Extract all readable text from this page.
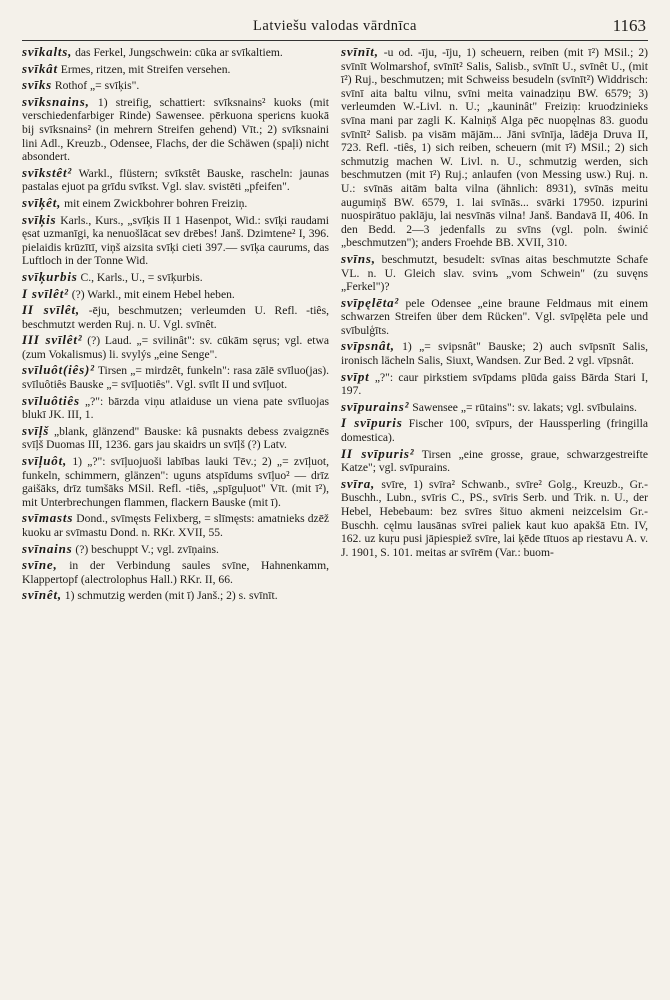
Latviešu valodas vārdnīca	1163
svīkalts, das Ferkel, Jungschwein: cūka ar svīkaltiem.
svīkât Ermes, ritzen, mit Streifen versehen.
svīks Rothof „= svīķis".
svīksnains, 1) streifig, schattiert: svīksnains² kuoks (mit verschiedenfarbiger Rinde) Sawensee. pērkuona sperієns kuokā bij svīksnains² (in mehrern Streifen gehend) Vīt.; 2) svīksnaini lini Adl., Kreuzb., Odensee, Flachs, der die Schäwen (spaļi) nicht absondert.
svīkstêt² Warkl., flüstern; svīkstêt Bauske, rascheln: jaunas pastalas ejuot pa grīdu svīkst. Vgl. slav. svistēti „pfeifen".
svīķêt, mit einem Zwickbohrer bohren Freiziņ.
svīķis Karls., Kurs., „svīķis II 1 Hasenpot, Wid.: svīķi raudami ęsat uzmanīgi, ka nenuošlācat sev drēbes! Janš. Dzimtene² I, 396. pielaidis krūzītī, viņš aizsita svīķi cieti 397.— svīķa caurums, das Luftloch in der Tonne Wid.
svīķurbis C., Karls., U., = svīķurbis.
I svīlêt² (?) Warkl., mit einem Hebel heben.
II svīlêt, -ēju, beschmutzen; verleumden U. Refl. -tiês, beschmutzt werden Ruj. n. U. Vgl. svīnêt.
III svīlêt² (?) Laud. „= svilinât": sv. cūkām sęrus; vgl. etwa (zum Vokalismus) li. svylýs „eine Senge".
svīluôt(iês)² Tirsen „= mirdzêt, funkeln": rasa zālē svīluo(jas). svīluôtiês Bauske „= svīļuotiês". Vgl. svīlt II und svīļuot.
svīluôtiês „?": bārzda viņu atlaiduse un viena pate svīluojas blukī JK. III, 1.
svīļš „blank, glänzend" Bauske: kâ pusnakts debess zvaigznēs svīļš Duomas III, 1236. gars jau skaidrs un svīļš (?) Latv.
svīļuôt, 1) „?": svīļuojuoši labības lauki Tēv.; 2) „= zvīļuot, funkeln, schimmern, glänzen": uguns atspīdums svīļuo² — drīz gaišāks, drīz tumšāks MSil. Refl. -tiês, „spīguļuot" Vīt. (mit ī²), mit Unterbrechungen flammen, flackern Bauske (mit ī).
svīmasts Dond., svīmęsts Felixberg, = slīmęsts: amatnieks dzēž kuoku ar svīmastu Dond. n. RKr. XVII, 55.
svīnains (?) beschuppt V.; vgl. zvīņains.
svīne, in der Verbindung saules svīne, Hahnenkamm, Klappertopf (alectrolophus Hall.) RKr. II, 66.
svīnêt, 1) schmutzig werden (mit ī) Janš.; 2) s. svīnīt.
svīnīt, -u od. -īju, -īju, 1) scheuern, reiben (mit ī²) MSil.; 2) svīnīt Wolmarshof, svīnīt² Salis, Salisb., svīnīt U., svīnêt U., (mit ī²) Ruj., beschmutzen; mit Schweiss besudeln (svīnīt²) Widdrisch: svīnī aita baltu vilnu, svīni meita vainadziņu BW. 6579; 3) verleumden W.-Livl. n. U.; „kauninât" Freiziņ: kruodzinieks svīna mani par zagli K. Kalniņš Alga pēc nuopęlnas 83. guodu svīnīt² Salisb. pa visām mājām... Jāni svīnīja, lādēja Druva II, 723. Refl. -tiês, 1) sich reiben, scheuern (mit ī²) MSil.; 2) sich schmutzig machen W. Livl. n. U., schmutzig werden, sich beschmutzen (mit ī²) Ruj.; anlaufen (von Messing usw.) Ruj. n. U.: svīnās aitām balta vilna (ähnlich: 8931), svīnās meitu augumiņš BW. 6579, 1. lai svīnās... svārki 17950. izpurini nuospirātuo paklāju, lai nesvīnās vilna! Janš. Bandavā II, 406. In den Bedd. 2—3 jedenfalls zu svīns (vgl. poln. świnić „beschmutzen"); anders Froehde BB. XVII, 310.
svīns, beschmutzt, besudelt: svīnas aitas beschmutzte Schafe VL. n. U. Gleich slav. svinъ „vom Schwein" (zu suvęns „Ferkel")?
svīpęlēta² pele Odensee „eine braune Feldmaus mit einem schwarzen Streifen über dem Rücken". Vgl. svīpęlēta pele und svībulģīts.
svīpsnât, 1) „= svipsnât" Bauske; 2) auch svīpsnīt Salis, ironisch lächeln Salis, Siuxt, Wandsen. Zur Bed. 2 vgl. vīpsnât.
svīpt „?": caur pirkstiem svīpdams plūda gaiss Bārda Stari I, 197.
svīpurains² Sawensee „= rūtains": sv. lakats; vgl. svībulains.
I svīpuris Fischer 100, svīpurs, der Haussperling (fringilla domestica).
II svīpuris² Tirsen „eine grosse, graue, schwarzgestreifte Katze"; vgl. svīpurains.
svīra, svīre, 1) svīra² Schwanb., svīre² Golg., Kreuzb., Gr.-Buschh., Lubn., svīris C., PS., svīris Serb. und Trik. n. U., der Hebel, Hebebaum: bez svīres šituo akmeni neizcelsim Gr.-Buschh. cęlmu lausānas svīrei paliek kaut kuo apakšā Etn. IV, 162. uz kuŗu pusi jāpiespiež svīre, lai ķēde tītuos ap riestavu A. v. J. 1901, S. 101. meitas ar svīrēm (Var.: buom-
